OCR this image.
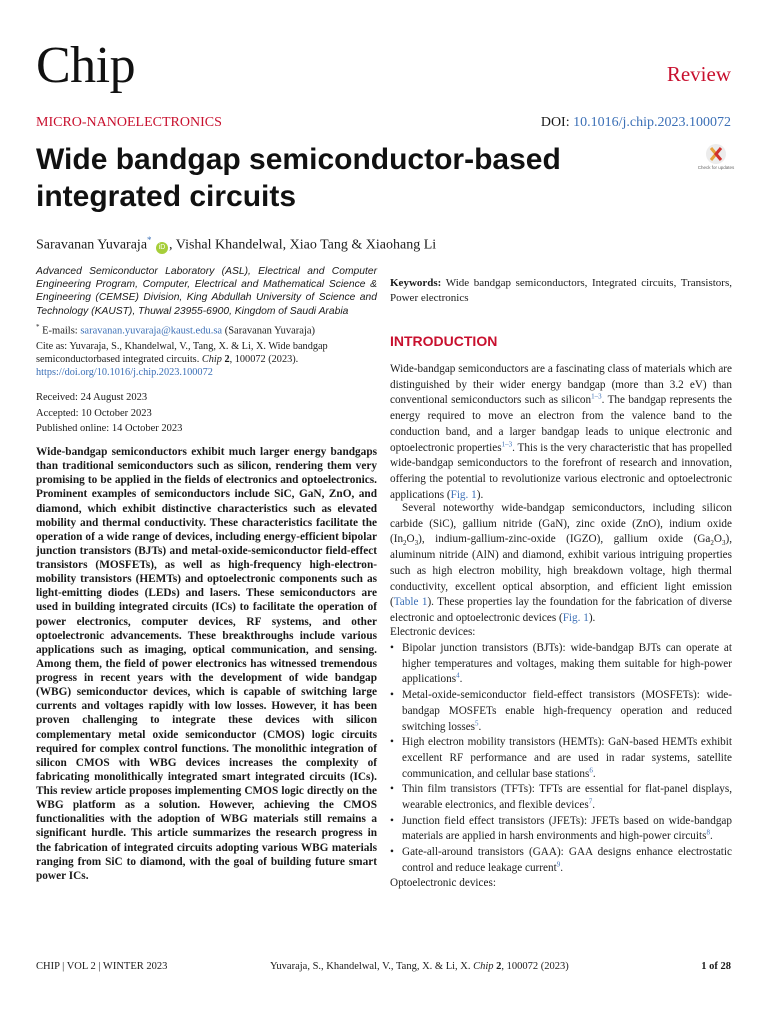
Chip	Review
MICRO-NANOELECTRONICS	DOI: 10.1016/j.chip.2023.100072
Wide bandgap semiconductor-based integrated circuits
Check for updates
Saravanan Yuvaraja* iD , Vishal Khandelwal, Xiao Tang & Xiaohang Li
Advanced Semiconductor Laboratory (ASL), Electrical and Computer Engineering Program, Computer, Electrical and Mathematical Science & Engineering (CEMSE) Division, King Abdullah University of Science and Technology (KAUST), Thuwal 23955-6900, Kingdom of Saudi Arabia
* E-mails: saravanan.yuvaraja@kaust.edu.sa (Saravanan Yuvaraja)
Cite as: Yuvaraja, S., Khandelwal, V., Tang, X. & Li, X. Wide bandgap semiconductorbased integrated circuits. Chip 2, 100072 (2023).
https://doi.org/10.1016/j.chip.2023.100072
Received: 24 August 2023
Accepted: 10 October 2023
Published online: 14 October 2023
Wide-bandgap semiconductors exhibit much larger energy bandgaps than traditional semiconductors such as silicon, rendering them very promising to be applied in the fields of electronics and optoelectronics. Prominent examples of semiconductors include SiC, GaN, ZnO, and diamond, which exhibit distinctive characteristics such as elevated mobility and thermal conductivity. These characteristics facilitate the operation of a wide range of devices, including energy-efficient bipolar junction transistors (BJTs) and metal-oxide-semiconductor field-effect transistors (MOSFETs), as well as high-frequency high-electron-mobility transistors (HEMTs) and optoelectronic components such as light-emitting diodes (LEDs) and lasers. These semiconductors are used in building integrated circuits (ICs) to facilitate the operation of power electronics, computer devices, RF systems, and other optoelectronic advancements. These breakthroughs include various applications such as imaging, optical communication, and sensing. Among them, the field of power electronics has witnessed tremendous progress in recent years with the development of wide bandgap (WBG) semiconductor devices, which is capable of switching large currents and voltages rapidly with low losses. However, it has been proven challenging to integrate these devices with silicon complementary metal oxide semiconductor (CMOS) logic circuits required for complex control functions. The monolithic integration of silicon CMOS with WBG devices increases the complexity of fabricating monolithically integrated smart integrated circuits (ICs). This review article proposes implementing CMOS logic directly on the WBG platform as a solution. However, achieving the CMOS functionalities with the adoption of WBG materials still remains a significant hurdle. This article summarizes the research progress in the fabrication of integrated circuits adopting various WBG materials ranging from SiC to diamond, with the goal of building future smart power ICs.
Keywords: Wide bandgap semiconductors, Integrated circuits, Transistors, Power electronics
INTRODUCTION

Wide-bandgap semiconductors are a fascinating class of materials which are distinguished by their wider energy bandgap (more than 3.2 eV) than conventional semiconductors such as silicon$^{1-3}$. The bandgap represents the energy required to move an electron from the valence band to the conduction band, and a larger bandgap leads to unique electronic and optoelectronic properties$^{1-3}$. This is the very characteristic that has propelled wide-bandgap semiconductors to the forefront of research and innovation, offering the potential to revolutionize various electronic and optoelectronic applications (Fig. 1).

Several noteworthy wide-bandgap semiconductors, including silicon carbide (SiC), gallium nitride (GaN), zinc oxide (ZnO), indium oxide $(In_2O_3)$, indium-gallium-zinc-oxide (IGZO), gallium oxide $(Ga_2O_3)$, aluminum nitride (AlN) and diamond, exhibit various intriguing properties such as high electron mobility, high breakdown voltage, high thermal conductivity, excellent optical absorption, and efficient light emission (Table 1). These properties lay the foundation for the fabrication of diverse electronic and optoelectronic devices (Fig. 1).

Electronic devices:
• Bipolar junction transistors (BJTs): wide-bandgap BJTs can operate at higher temperatures and voltages, making them suitable for high-power applications$^4$.
• Metal-oxide-semiconductor field-effect transistors (MOSFETs): wide-bandgap MOSFETs enable high-frequency operation and reduced switching losses$^5$.
• High electron mobility transistors (HEMTs): GaN-based HEMTs exhibit excellent RF performance and are used in radar systems, satellite communication, and cellular base stations$^6$.
• Thin film transistors (TFTs): TFTs are essential for flat-panel displays, wearable electronics, and flexible devices$^7$.
• Junction field effect transistors (JFETs): JFETs based on wide-bandgap materials are applied in harsh environments and high-power circuits$^8$.
• Gate-all-around transistors (GAA): GAA designs enhance electrostatic control and reduce leakage current$^9$.
Optoelectronic devices:
CHIP | VOL 2 | WINTER 2023	Yuvaraja, S., Khandelwal, V., Tang, X. & Li, X. Chip 2, 100072 (2023)	1 of 28
